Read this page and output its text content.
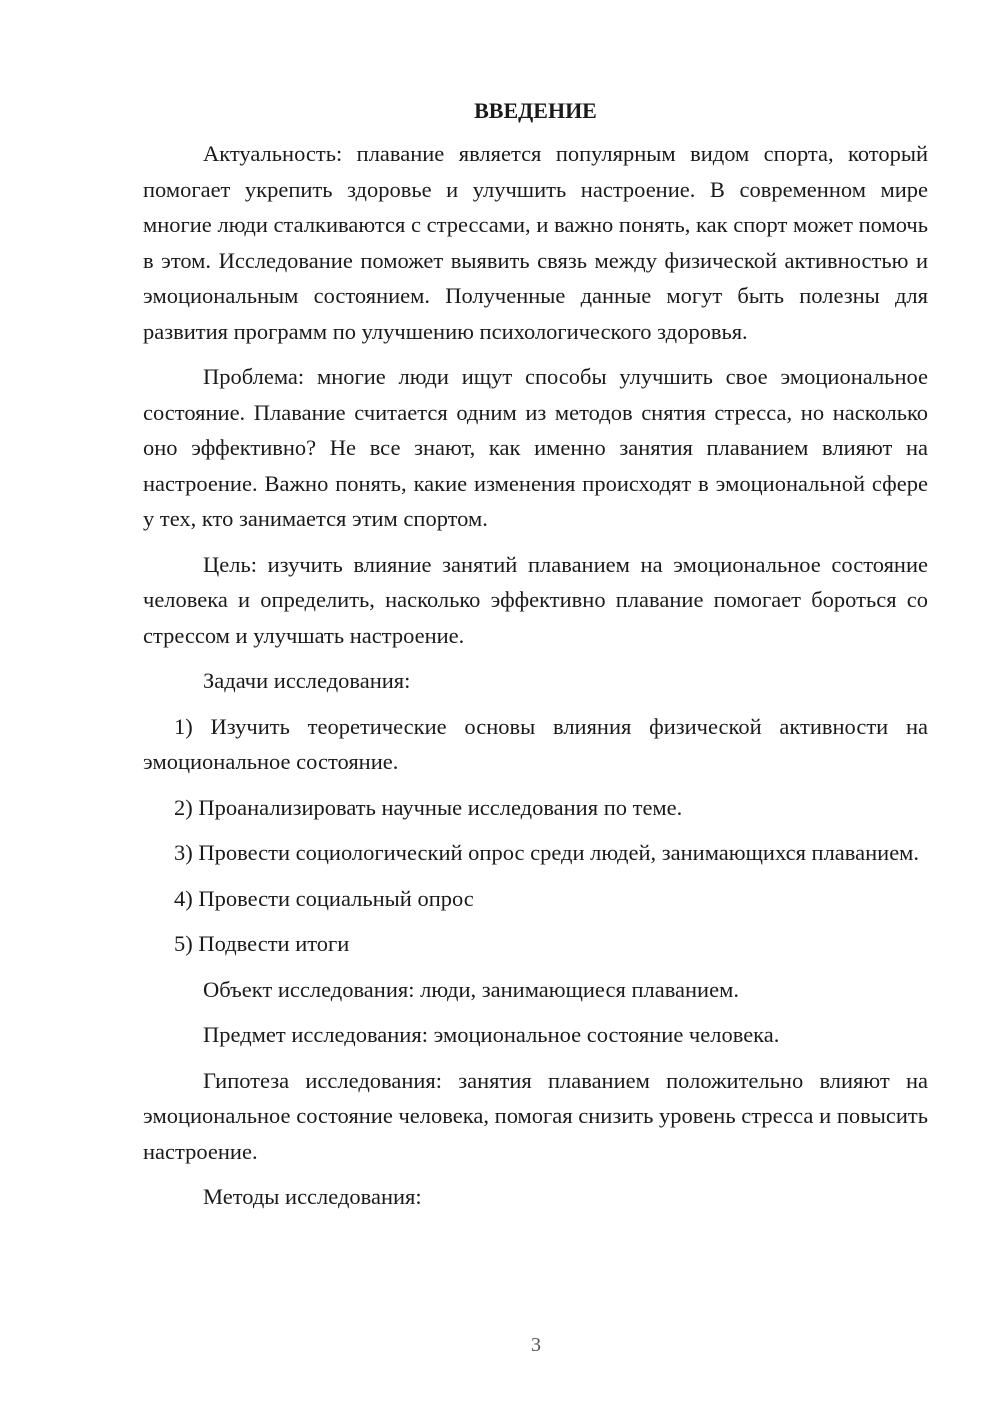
ВВЕДЕНИЕ

Актуальность: плавание является популярным видом спорта, который помогает укрепить здоровье и улучшить настроение. В современном мире многие люди сталкиваются с стрессами, и важно понять, как спорт может помочь в этом. Исследование поможет выявить связь между физической активностью и эмоциональным состоянием. Полученные данные могут быть полезны для развития программ по улучшению психологического здоровья.

Проблема: многие люди ищут способы улучшить свое эмоциональное состояние. Плавание считается одним из методов снятия стресса, но насколько оно эффективно? Не все знают, как именно занятия плаванием влияют на настроение. Важно понять, какие изменения происходят в эмоциональной сфере у тех, кто занимается этим спортом.

Цель: изучить влияние занятий плаванием на эмоциональное состояние человека и определить, насколько эффективно плавание помогает бороться со стрессом и улучшать настроение.

Задачи исследования:

1) Изучить теоретические основы влияния физической активности на эмоциональное состояние.

2) Проанализировать научные исследования по теме.

3) Провести социологический опрос среди людей, занимающихся плаванием.

4) Провести социальный опрос

5) Подвести итоги

Объект исследования: люди, занимающиеся плаванием.

Предмет исследования: эмоциональное состояние человека.

Гипотеза исследования: занятия плаванием положительно влияют на эмоциональное состояние человека, помогая снизить уровень стресса и повысить настроение.

Методы исследования:

3
